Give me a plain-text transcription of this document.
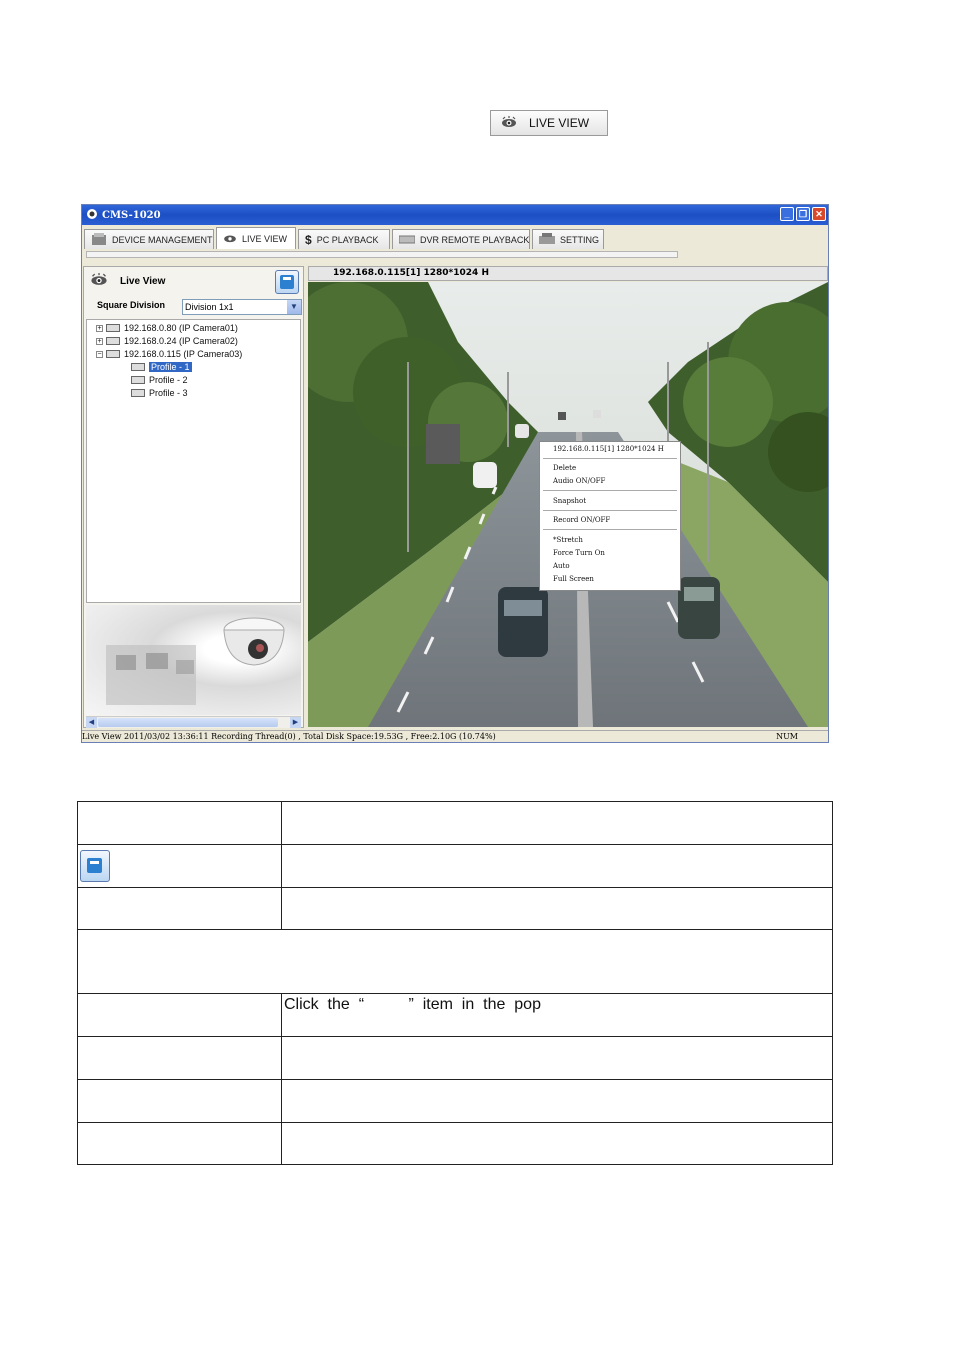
LIVE VIEW
CMS-1020	_	❐ ✕
DEVICE MANAGEMENT	LIVE VIEW $ PC PLAYBACK	DVR REMOTE PLAYBACK	SETTING
Live View
Square Division	Division 1x1	▼
+ 192.168.0.80 (IP Camera01)
+ 192.168.0.24 (IP Camera02)
− 192.168.0.115 (IP Camera03)
Profile - 1
Profile - 2
Profile - 3
◀	▶
192.168.0.115[1] 1280*1024 H
192.168.0.115[1] 1280*1024 H
Delete
Audio ON/OFF
Snapshot
Record ON/OFF
*Stretch
Force Turn On
Auto
Full Screen
Live View 2011/03/02 13:36:11 Recording Thread(0) , Total Disk Space:19.53G , Free:2.10G (10.74%)	NUM

	Click  the  “          ”  item  in  the  pop
